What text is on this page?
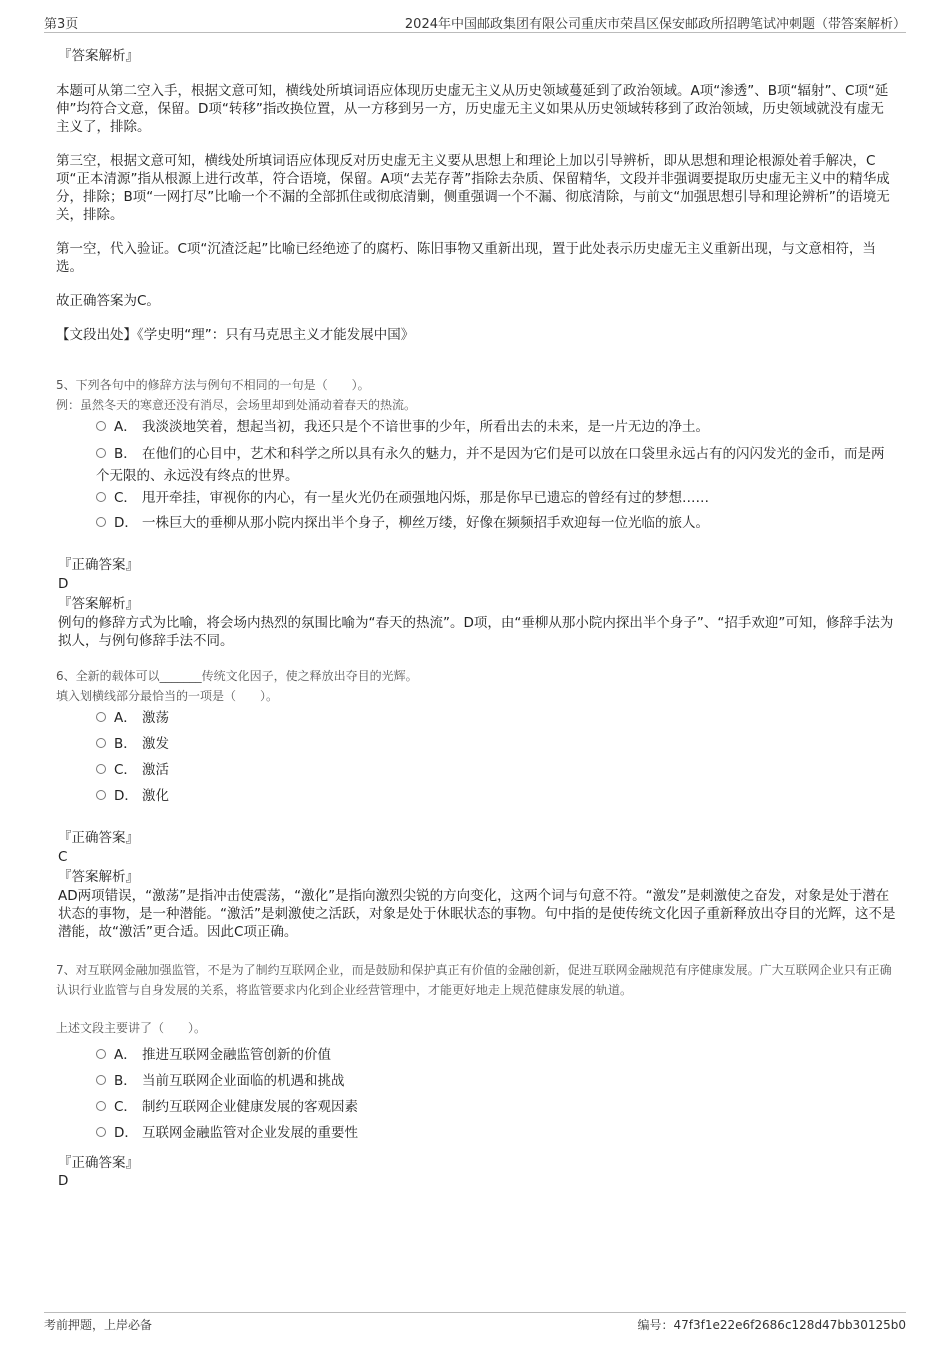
第3页	2024年中国邮政集团有限公司重庆市荣昌区保安邮政所招聘笔试冲刺题（带答案解析）
『答案解析』
本题可从第二空入手，根据文意可知，横线处所填词语应体现历史虚无主义从历史领域蔓延到了政治领域。A项“渗透”、B项“辐射”、C项“延伸”均符合文意，保留。D项“转移”指改换位置，从一方移到另一方，历史虚无主义如果从历史领域转移到了政治领域，历史领域就没有虚无主义了，排除。
第三空，根据文意可知，横线处所填词语应体现反对历史虚无主义要从思想上和理论上加以引导辨析，即从思想和理论根源处着手解决，C项“正本清源”指从根源上进行改革，符合语境，保留。A项“去芜存菁”指除去杂质、保留精华，文段并非强调要提取历史虚无主义中的精华成分，排除；B项“一网打尽”比喻一个不漏的全部抓住或彻底清剿，侧重强调一个不漏、彻底清除，与前文“加强思想引导和理论辨析”的语境无关，排除。
第一空，代入验证。C项“沉渣泛起”比喻已经绝迹了的腐朽、陈旧事物又重新出现，置于此处表示历史虚无主义重新出现，与文意相符，当选。
故正确答案为C。
【文段出处】《学史明“理”：只有马克思主义才能发展中国》
5、下列各句中的修辞方法与例句不相同的一句是（　　）。
例：虽然冬天的寒意还没有消尽，会场里却到处涌动着春天的热流。
A． 我淡淡地笑着，想起当初，我还只是个不谙世事的少年，所看出去的未来，是一片无边的净土。
B． 在他们的心目中，艺术和科学之所以具有永久的魅力，并不是因为它们是可以放在口袋里永远占有的闪闪发光的金币，而是两个无限的、永远没有终点的世界。
C． 甩开牵挂，审视你的内心，有一星火光仍在顽强地闪烁，那是你早已遗忘的曾经有过的梦想……
D． 一株巨大的垂柳从那小院内探出半个身子，柳丝万缕，好像在频频招手欢迎每一位光临的旅人。
『正确答案』
D
『答案解析』
例句的修辞方式为比喻，将会场内热烈的氛围比喻为“春天的热流”。D项，由“垂柳从那小院内探出半个身子”、“招手欢迎”可知，修辞手法为拟人，与例句修辞手法不同。
6、全新的载体可以_______传统文化因子，使之释放出夺目的光辉。
填入划横线部分最恰当的一项是（　　）。
A． 激荡
B． 激发
C． 激活
D． 激化
『正确答案』
C
『答案解析』
AD两项错误，“激荡”是指冲击使震荡，“激化”是指向激烈尖锐的方向变化，这两个词与句意不符。“激发”是刺激使之奋发，对象是处于潜在状态的事物，是一种潜能。“激活”是刺激使之活跃，对象是处于休眠状态的事物。句中指的是使传统文化因子重新释放出夺目的光辉，这不是潜能，故“激活”更合适。因此C项正确。
7、对互联网金融加强监管，不是为了制约互联网企业，而是鼓励和保护真正有价值的金融创新，促进互联网金融规范有序健康发展。广大互联网企业只有正确认识行业监管与自身发展的关系，将监管要求内化到企业经营管理中，才能更好地走上规范健康发展的轨道。
上述文段主要讲了（　　）。
A． 推进互联网金融监管创新的价值
B． 当前互联网企业面临的机遇和挑战
C． 制约互联网企业健康发展的客观因素
D． 互联网金融监管对企业发展的重要性
『正确答案』
D
考前押题，上岸必备	编号：47f3f1e22e6f2686c128d47bb30125b0
